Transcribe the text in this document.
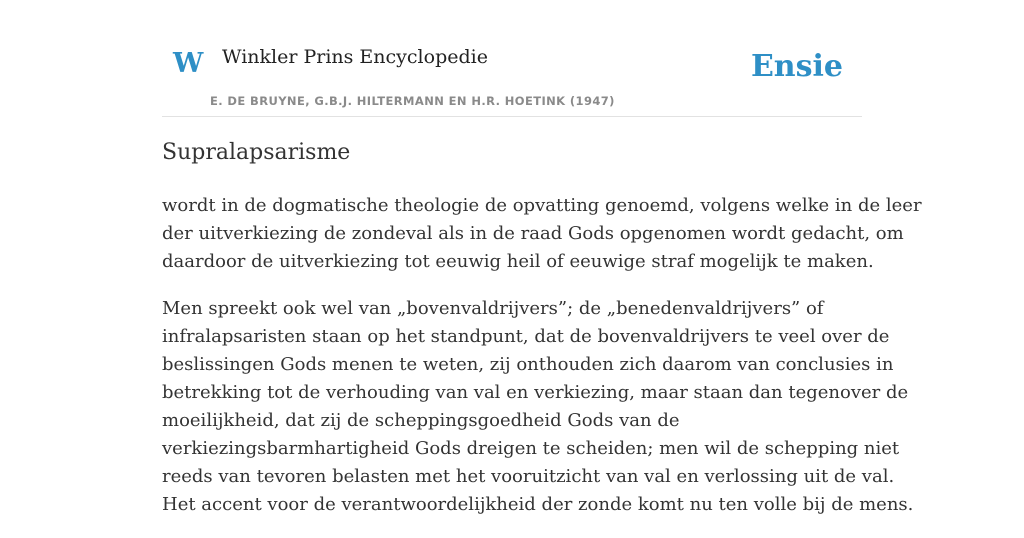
W Winkler Prins Encyclopedie
E. DE BRUYNE, G.B.J. HILTERMANN EN H.R. HOETINK (1947)
Ensie
Supralapsarisme

wordt in de dogmatische theologie de opvatting genoemd, volgens welke in de leer
der uitverkiezing de zondeval als in de raad Gods opgenomen wordt gedacht, om
daardoor de uitverkiezing tot eeuwig heil of eeuwige straf mogelijk te maken.

Men spreekt ook wel van „bovenvaldrijvers”; de „benedenvaldrijvers” of
infralapsaristen staan op het standpunt, dat de bovenvaldrijvers te veel over de
beslissingen Gods menen te weten, zij onthouden zich daarom van conclusies in
betrekking tot de verhouding van val en verkiezing, maar staan dan tegenover de
moeilijkheid, dat zij de scheppingsgoedheid Gods van de
verkiezingsbarmhartigheid Gods dreigen te scheiden; men wil de schepping niet
reeds van tevoren belasten met het vooruitzicht van val en verlossing uit de val.
Het accent voor de verantwoordelijkheid der zonde komt nu ten volle bij de mens.
